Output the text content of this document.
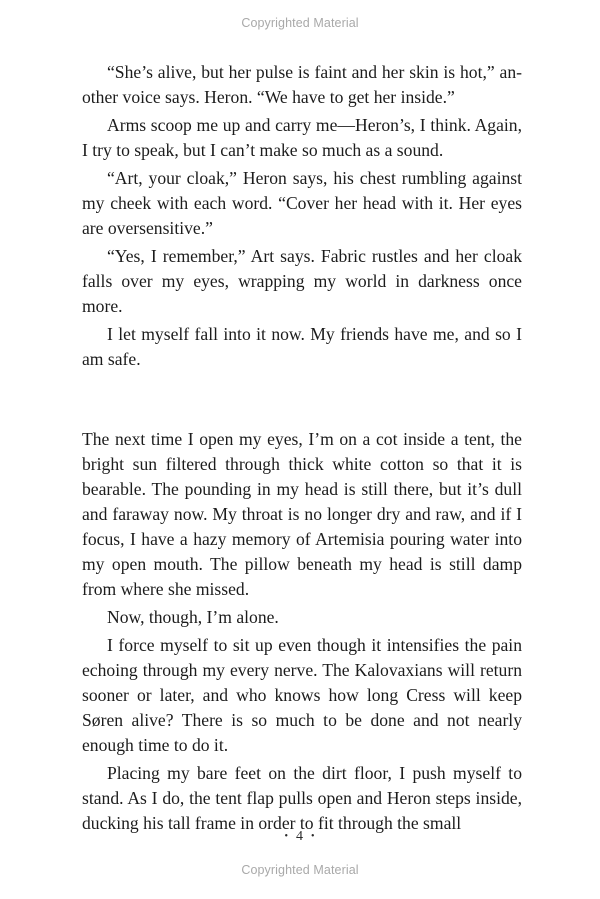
Copyrighted Material

“She’s alive, but her pulse is faint and her skin is hot,” another voice says. Heron. “We have to get her inside.”

Arms scoop me up and carry me—Heron’s, I think. Again, I try to speak, but I can’t make so much as a sound.

“Art, your cloak,” Heron says, his chest rumbling against my cheek with each word. “Cover her head with it. Her eyes are oversensitive.”

“Yes, I remember,” Art says. Fabric rustles and her cloak falls over my eyes, wrapping my world in darkness once more.

I let myself fall into it now. My friends have me, and so I am safe.

The next time I open my eyes, I’m on a cot inside a tent, the bright sun filtered through thick white cotton so that it is bearable. The pounding in my head is still there, but it’s dull and faraway now. My throat is no longer dry and raw, and if I focus, I have a hazy memory of Artemisia pouring water into my open mouth. The pillow beneath my head is still damp from where she missed.

Now, though, I’m alone.

I force myself to sit up even though it intensifies the pain echoing through my every nerve. The Kalovaxians will return sooner or later, and who knows how long Cress will keep Søren alive? There is so much to be done and not nearly enough time to do it.

Placing my bare feet on the dirt floor, I push myself to stand. As I do, the tent flap pulls open and Heron steps inside, ducking his tall frame in order to fit through the small

• 4 •
Copyrighted Material
